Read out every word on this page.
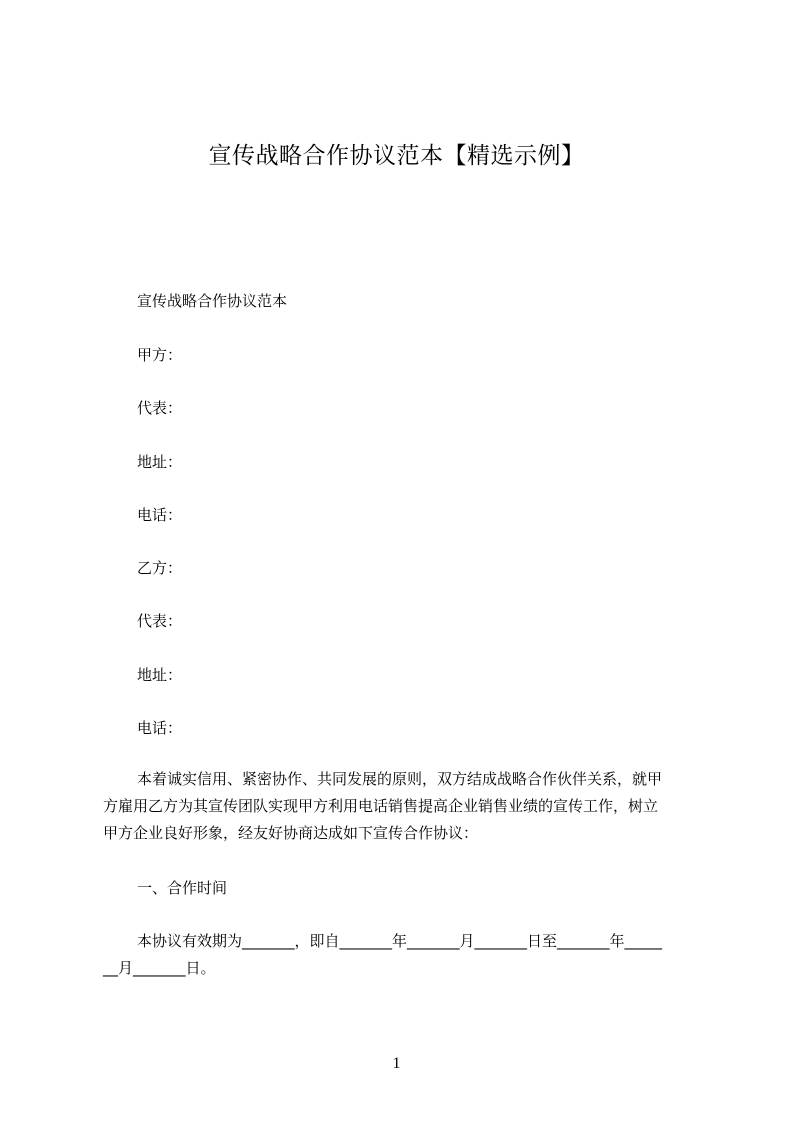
宣传战略合作协议范本【精选示例】
宣传战略合作协议范本
甲方：
代表：
地址：
电话：
乙方：
代表：
地址：
电话：
本着诚实信用、紧密协作、共同发展的原则，双方结成战略合作伙伴关系，就甲
方雇用乙方为其宣传团队实现甲方利用电话销售提高企业销售业绩的宣传工作，树立
甲方企业良好形象，经友好协商达成如下宣传合作协议：
一、合作时间
本协议有效期为_______，即自_______年_______月_______日至_______年_____
__月_______日。
1
